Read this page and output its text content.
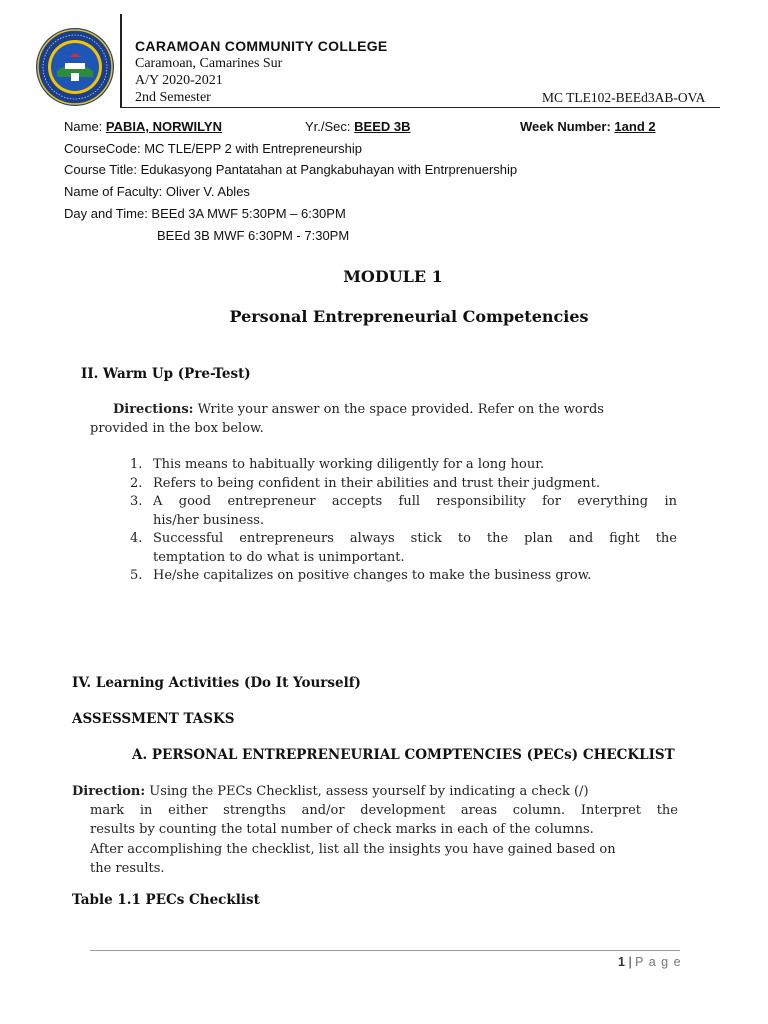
CARAMOAN COMMUNITY COLLEGE
Caramoan, Camarines Sur
A/Y 2020-2021
2nd Semester	MC TLE102-BEEd3AB-OVA
Name: PABIA, NORWILYN	Yr./Sec: BEED 3B	Week Number: 1and 2
CourseCode: MC TLE/EPP 2 with Entrepreneurship
Course Title: Edukasyong Pantatahan at Pangkabuhayan with Entrprenuership
Name of Faculty: Oliver V. Ables
Day and Time: BEEd 3A MWF 5:30PM – 6:30PM
BEEd 3B MWF 6:30PM - 7:30PM
MODULE 1
Personal Entrepreneurial Competencies
II. Warm Up (Pre-Test)
Directions: Write your answer on the space provided. Refer on the words
provided in the box below.
1. This means to habitually working diligently for a long hour.
2. Refers to being confident in their abilities and trust their judgment.
3. A good entrepreneur accepts full responsibility for everything in
his/her business.
4. Successful entrepreneurs always stick to the plan and fight the
temptation to do what is unimportant.
5. He/she capitalizes on positive changes to make the business grow.
IV. Learning Activities (Do It Yourself)
ASSESSMENT TASKS
A. PERSONAL ENTREPRENEURIAL COMPTENCIES (PECs) CHECKLIST
Direction: Using the PECs Checklist, assess yourself by indicating a check (/)
mark in either strengths and/or development areas column. Interpret the
results by counting the total number of check marks in each of the columns.
After accomplishing the checklist, list all the insights you have gained based on
the results.
Table 1.1 PECs Checklist
1 | P a g e
